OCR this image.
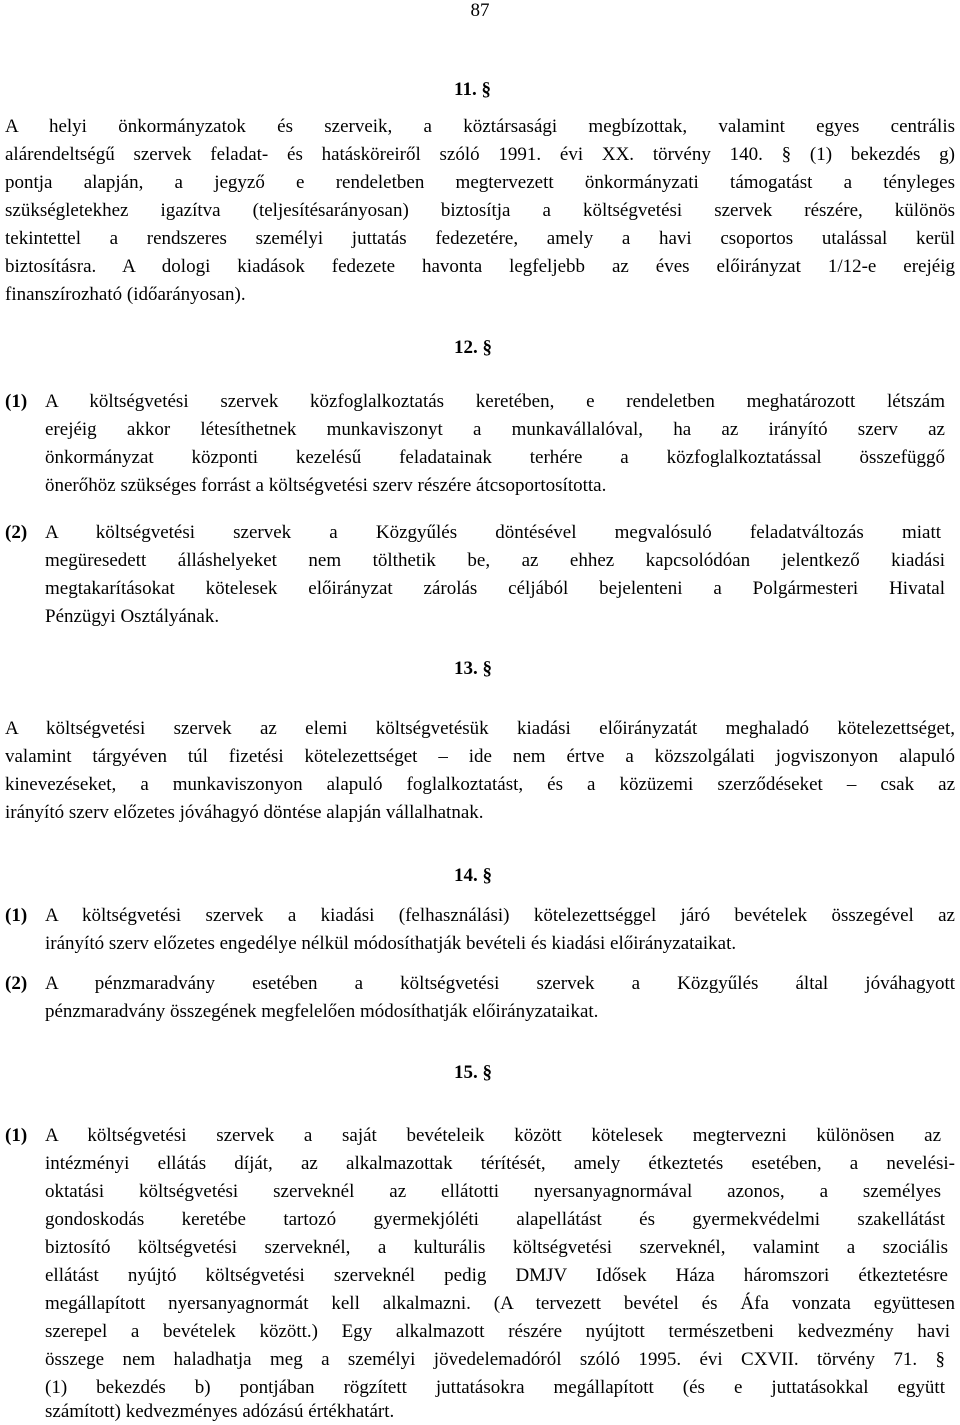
87
11. §
A helyi önkormányzatok és szerveik, a köztársasági megbízottak, valamint egyes centrális
alárendeltségű szervek feladat- és hatásköreiről szóló 1991. évi XX. törvény 140. § (1) bekezdés g)
pontja alapján, a jegyző e rendeletben megtervezett önkormányzati támogatást a tényleges
szükségletekhez igazítva (teljesítésarányosan) biztosítja a költségvetési szervek részére, különös
tekintettel a rendszeres személyi juttatás fedezetére, amely a havi csoportos utalással kerül
biztosításra. A dologi kiadások fedezete havonta legfeljebb az éves előirányzat 1/12-e erejéig
finanszírozható (időarányosan).
12. §
(1) A költségvetési szervek közfoglalkoztatás keretében, e rendeletben meghatározott létszám
erejéig akkor létesíthetnek munkaviszonyt a munkavállalóval, ha az irányító szerv az
önkormányzat központi kezelésű feladatainak terhére a közfoglalkoztatással összefüggő
önerőhöz szükséges forrást a költségvetési szerv részére átcsoportosította.
(2) A költségvetési szervek a Közgyűlés döntésével megvalósuló feladatváltozás miatt
megüresedett álláshelyeket nem tölthetik be, az ehhez kapcsolódóan jelentkező kiadási
megtakarításokat kötelesek előirányzat zárolás céljából bejelenteni a Polgármesteri Hivatal
Pénzügyi Osztályának.
13. §
A költségvetési szervek az elemi költségvetésük kiadási előirányzatát meghaladó kötelezettséget,
valamint tárgyéven túl fizetési kötelezettséget – ide nem értve a közszolgálati jogviszonyon alapuló
kinevezéseket, a munkaviszonyon alapuló foglalkoztatást, és a közüzemi szerződéseket – csak az
irányító szerv előzetes jóváhagyó döntése alapján vállalhatnak.
14. §
(1) A költségvetési szervek a kiadási (felhasználási) kötelezettséggel járó bevételek összegével az
irányító szerv előzetes engedélye nélkül módosíthatják bevételi és kiadási előirányzataikat.
(2) A pénzmaradvány esetében a költségvetési szervek a Közgyűlés által jóváhagyott
pénzmaradvány összegének megfelelően módosíthatják előirányzataikat.
15. §
(1) A költségvetési szervek a saját bevételeik között kötelesek megtervezni különösen az
intézményi ellátás díját, az alkalmazottak térítését, amely étkeztetés esetében, a nevelési-
oktatási költségvetési szerveknél az ellátotti nyersanyagnormával azonos, a személyes
gondoskodás keretébe tartozó gyermekjóléti alapellátást és gyermekvédelmi szakellátást
biztosító költségvetési szerveknél, a kulturális költségvetési szerveknél, valamint a szociális
ellátást nyújtó költségvetési szerveknél pedig DMJV Idősek Háza háromszori étkeztetésre
megállapított nyersanyagnormát kell alkalmazni. (A tervezett bevétel és Áfa vonzata együttesen
szerepel a bevételek között.) Egy alkalmazott részére nyújtott természetbeni kedvezmény havi
összege nem haladhatja meg a személyi jövedelemadóról szóló 1995. évi CXVII. törvény 71. §
(1) bekezdés b) pontjában rögzített juttatásokra megállapított (és e juttatásokkal együtt
számított) kedvezményes adózású értékhatárt.
